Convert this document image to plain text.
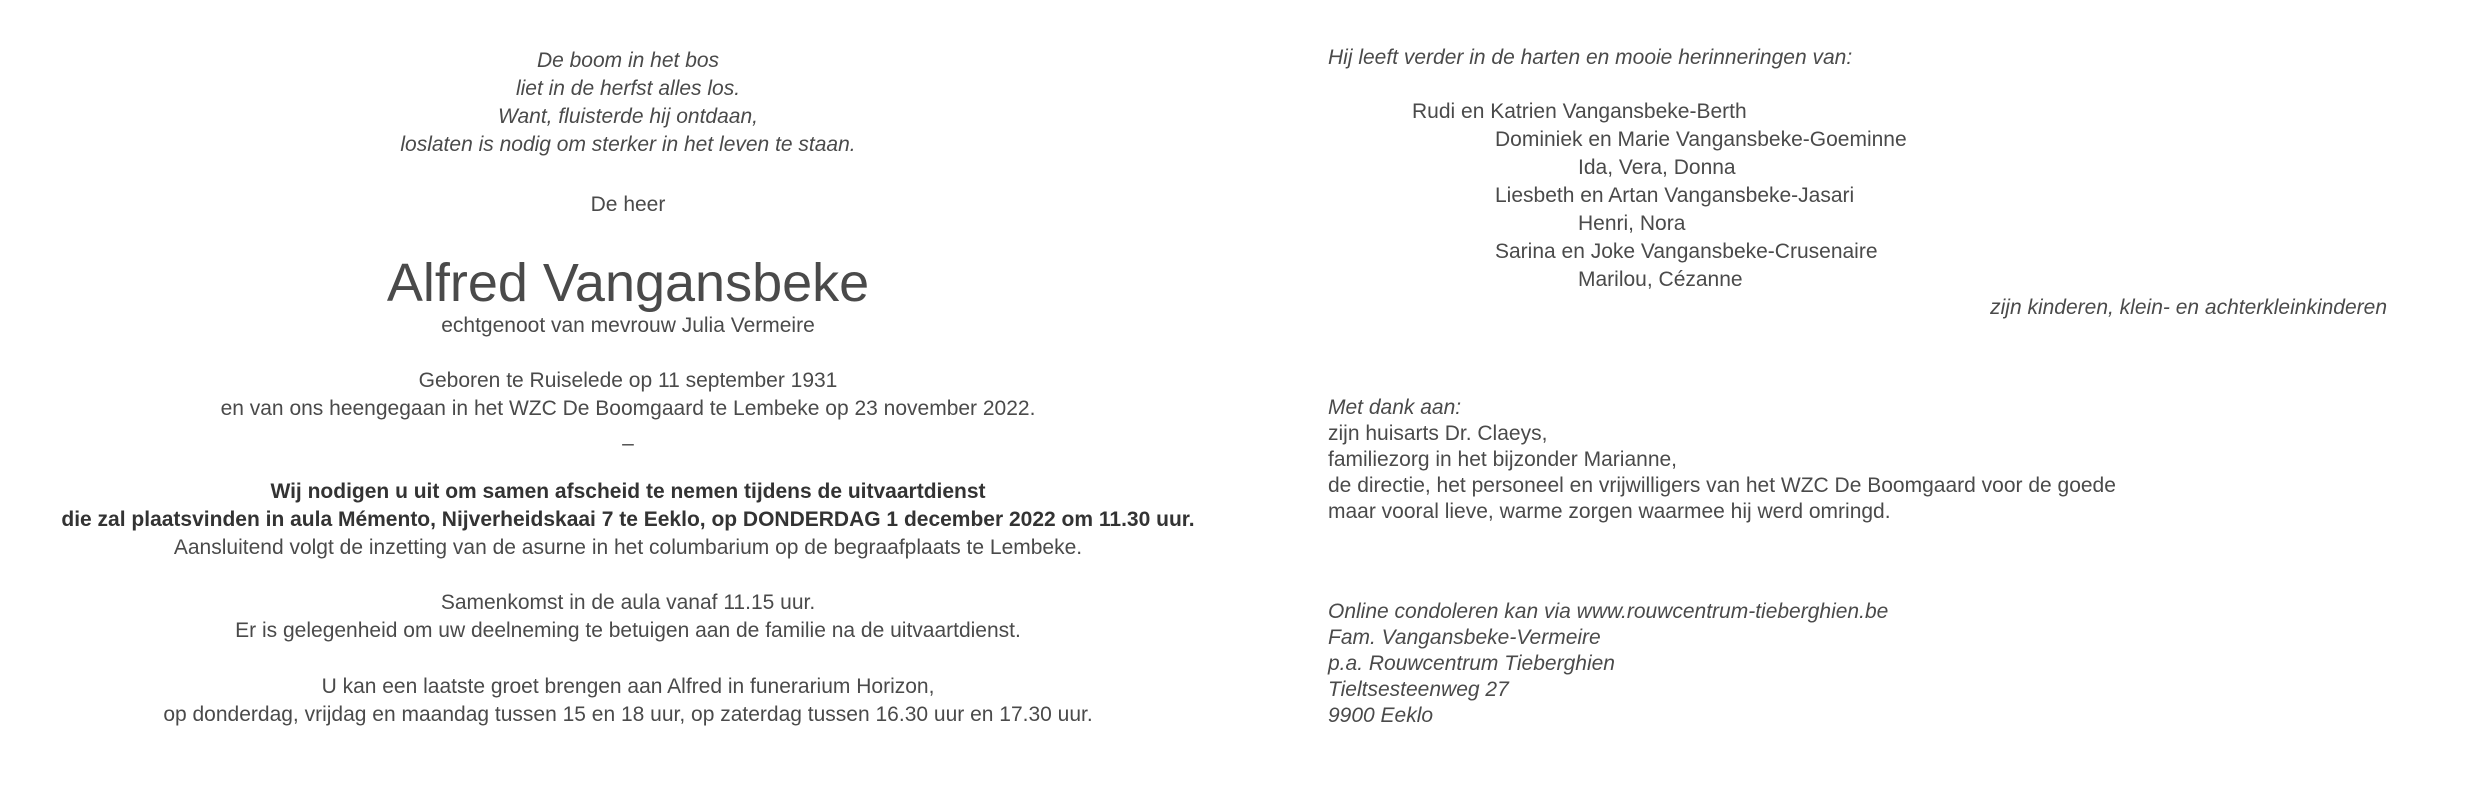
De boom in het bos
liet in de herfst alles los.
Want, fluisterde hij ontdaan,
loslaten is nodig om sterker in het leven te staan.
De heer
Alfred Vangansbeke
echtgenoot van mevrouw Julia Vermeire
Geboren te Ruiselede op 11 september 1931
en van ons heengegaan in het WZC De Boomgaard te Lembeke op 23 november 2022.
–
Wij nodigen u uit om samen afscheid te nemen tijdens de uitvaartdienst
die zal plaatsvinden in aula Mémento, Nijverheidskaai 7 te Eeklo, op DONDERDAG 1 december 2022 om 11.30 uur.
Aansluitend volgt de inzetting van de asurne in het columbarium op de begraafplaats te Lembeke.
Samenkomst in de aula vanaf 11.15 uur.
Er is gelegenheid om uw deelneming te betuigen aan de familie na de uitvaartdienst.
U kan een laatste groet brengen aan Alfred in funerarium Horizon,
op donderdag, vrijdag en maandag tussen 15 en 18 uur, op zaterdag tussen 16.30 uur en 17.30 uur.
Hij leeft verder in de harten en mooie herinneringen van:
Rudi en Katrien Vangansbeke-Berth
Dominiek en Marie Vangansbeke-Goeminne
Ida, Vera, Donna
Liesbeth en Artan Vangansbeke-Jasari
Henri, Nora
Sarina en Joke Vangansbeke-Crusenaire
Marilou, Cézanne
zijn kinderen, klein- en achterkleinkinderen
Met dank aan:
zijn huisarts Dr. Claeys,
familiezorg in het bijzonder Marianne,
de directie, het personeel en vrijwilligers van het WZC De Boomgaard voor de goede
maar vooral lieve, warme zorgen waarmee hij werd omringd.
Online condoleren kan via www.rouwcentrum-tieberghien.be
Fam. Vangansbeke-Vermeire
p.a. Rouwcentrum Tieberghien
Tieltsesteenweg 27
9900 Eeklo
